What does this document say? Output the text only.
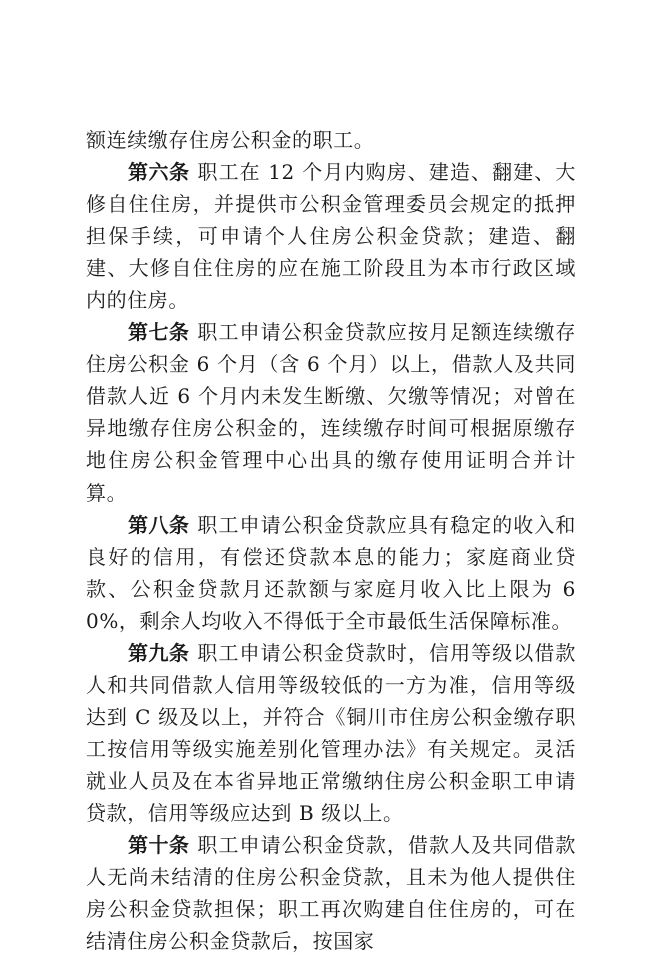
额连续缴存住房公积金的职工。

第六条 职工在 12 个月内购房、建造、翻建、大修自住住房，并提供市公积金管理委员会规定的抵押担保手续，可申请个人住房公积金贷款；建造、翻建、大修自住住房的应在施工阶段且为本市行政区域内的住房。

第七条 职工申请公积金贷款应按月足额连续缴存住房公积金 6 个月（含 6 个月）以上，借款人及共同借款人近 6 个月内未发生断缴、欠缴等情况；对曾在异地缴存住房公积金的，连续缴存时间可根据原缴存地住房公积金管理中心出具的缴存使用证明合并计算。

第八条 职工申请公积金贷款应具有稳定的收入和良好的信用，有偿还贷款本息的能力；家庭商业贷款、公积金贷款月还款额与家庭月收入比上限为 60%，剩余人均收入不得低于全市最低生活保障标准。

第九条 职工申请公积金贷款时，信用等级以借款人和共同借款人信用等级较低的一方为准，信用等级达到 C 级及以上，并符合《铜川市住房公积金缴存职工按信用等级实施差别化管理办法》有关规定。灵活就业人员及在本省异地正常缴纳住房公积金职工申请贷款，信用等级应达到 B 级以上。

第十条 职工申请公积金贷款，借款人及共同借款人无尚未结清的住房公积金贷款，且未为他人提供住房公积金贷款担保；职工再次购建自住住房的，可在结清住房公积金贷款后，按国家
